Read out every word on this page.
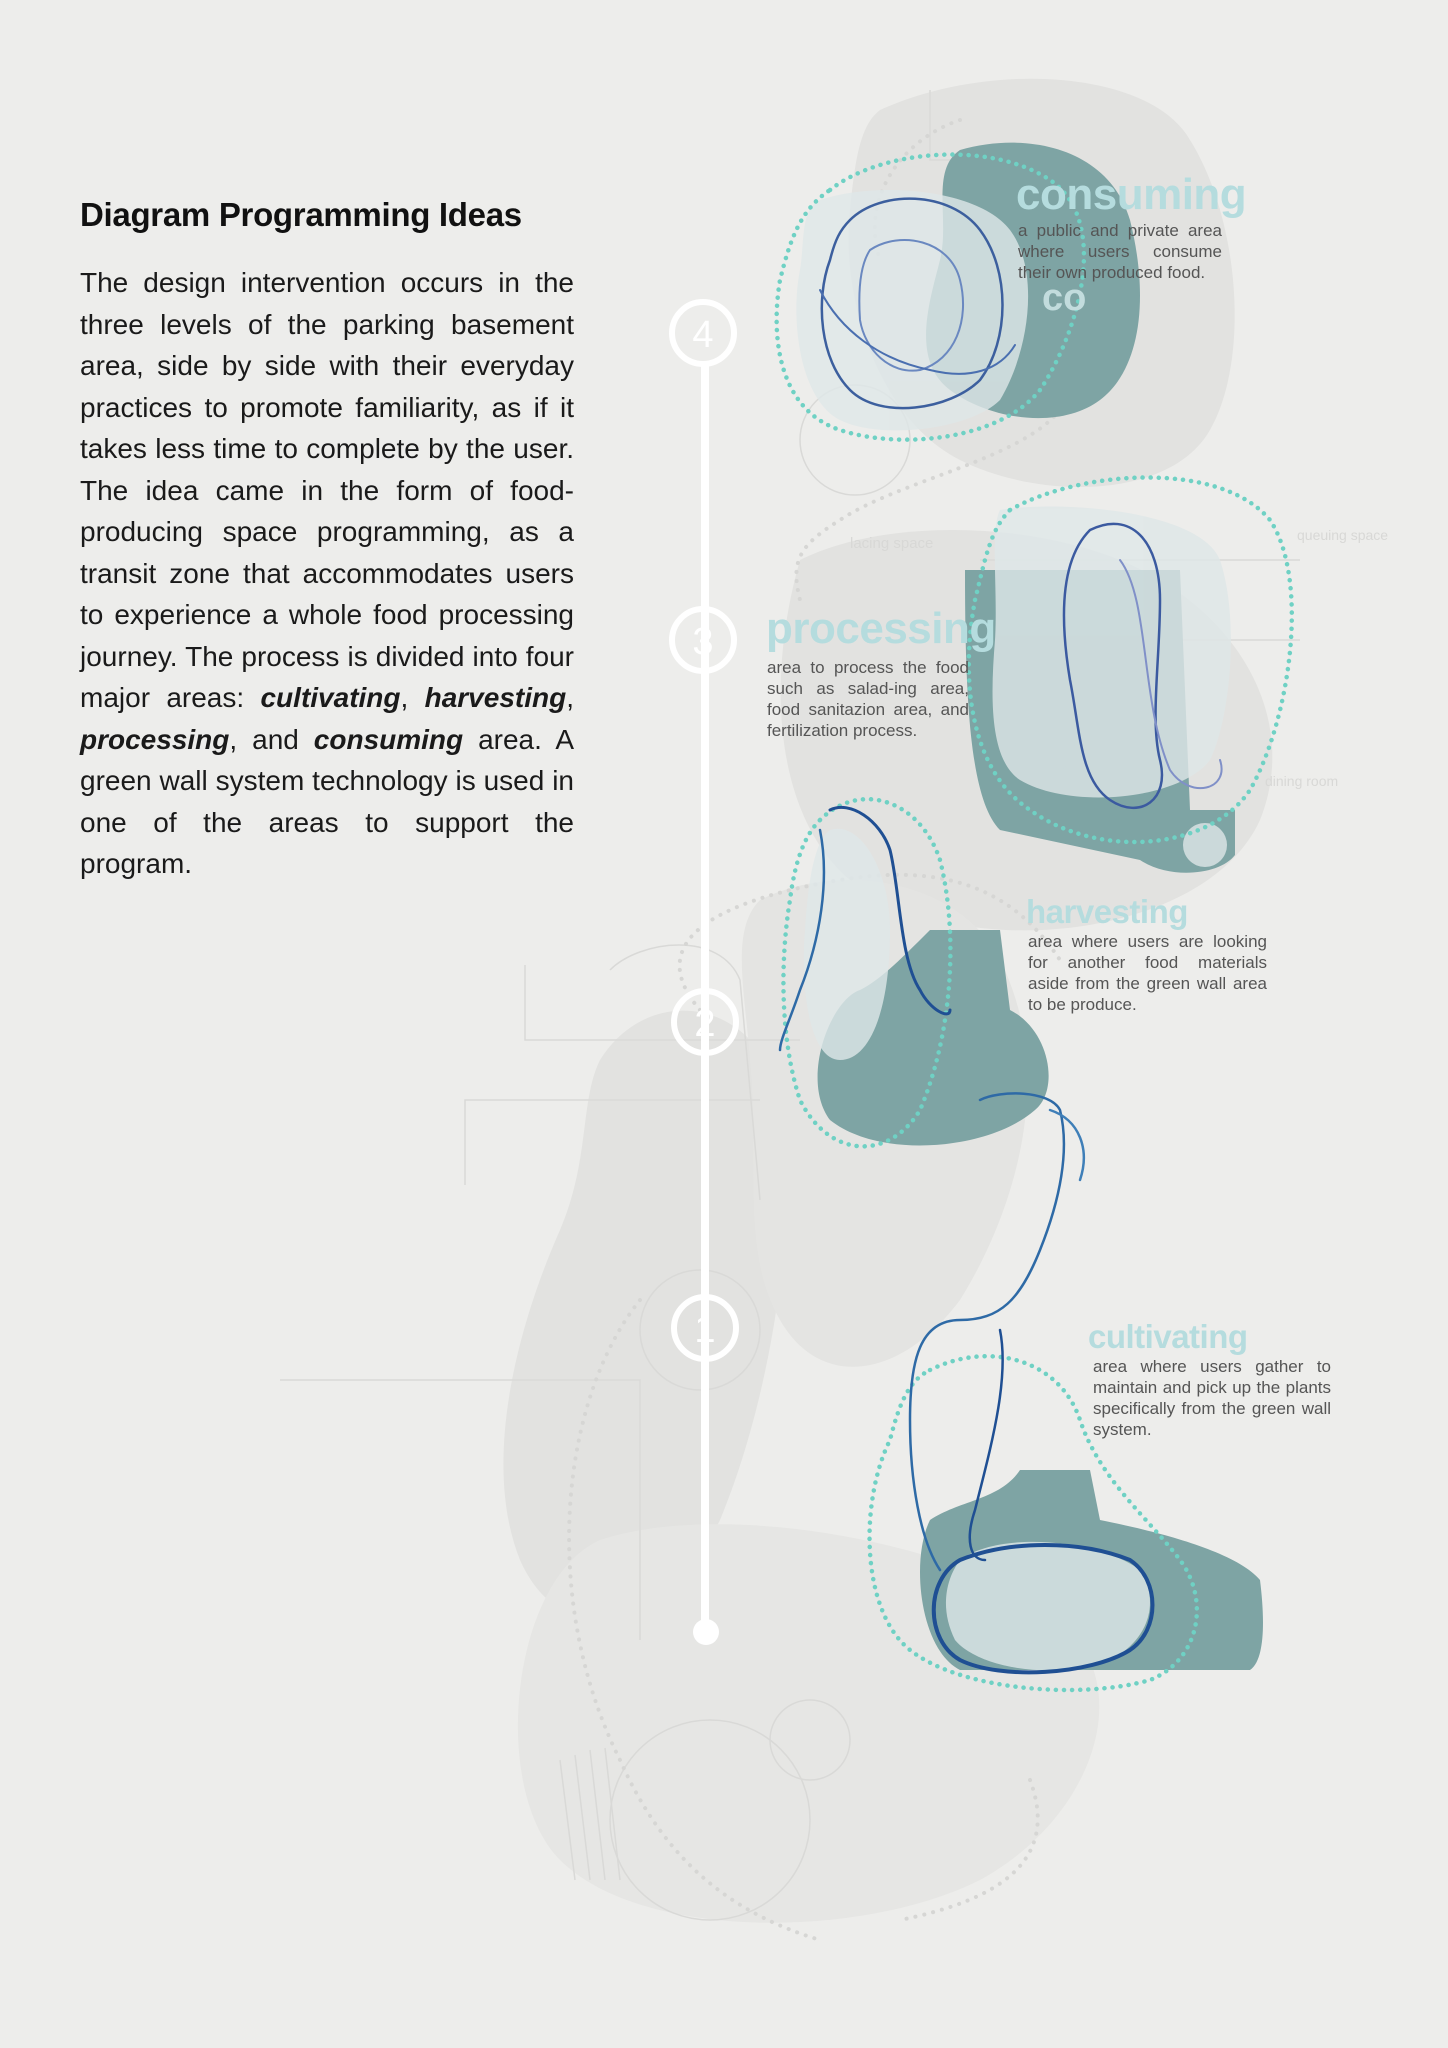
4
3
2
1
co
lacing space
dining room
queuing space
Diagram Programming Ideas

The design intervention occurs in the three levels of the parking basement area, side by side with their everyday practices to promote familiarity, as if it takes less time to complete by the user. The idea came in the form of food-producing space programming, as a transit zone that accommodates users to experience a whole food processing journey. The process is divided into four major areas: cultivating, harvesting, processing, and consuming area. A green wall system technology is used in one of the areas to support the program.

consuming

a public and private area where users consume their own produced food.

processing

area to process the food such as salad-ing area, food sanitazion area, and fertilization process.

harvesting

area where users are looking for another food materials aside from the green wall area to be produce.

cultivating

area where users gather to maintain and pick up the plants specifically from the green wall system.
